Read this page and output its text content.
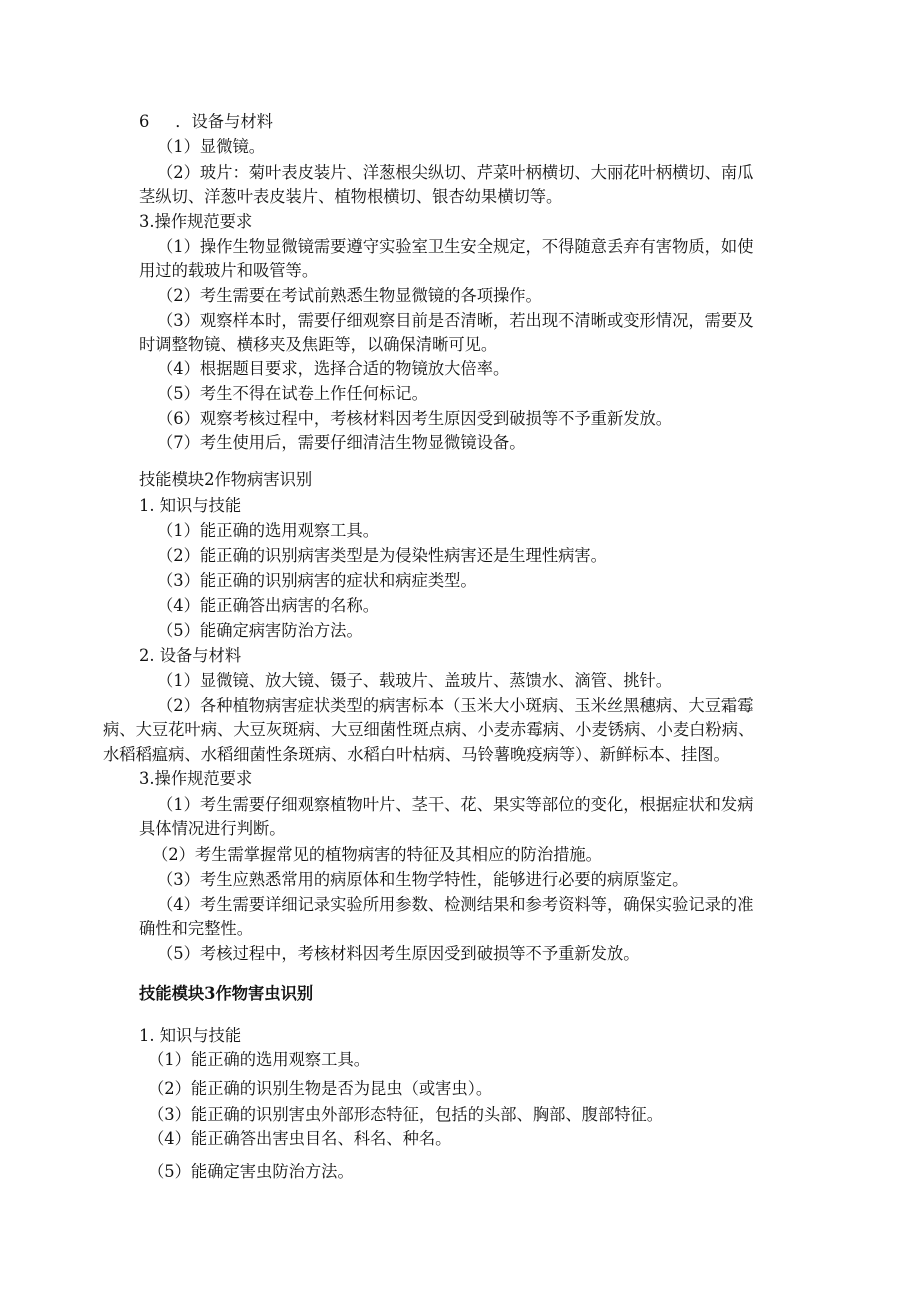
6     ．设备与材料
（1）显微镜。
（2）玻片：菊叶表皮装片、洋葱根尖纵切、芹菜叶柄横切、大丽花叶柄横切、南瓜
茎纵切、洋葱叶表皮装片、植物根横切、银杏幼果横切等。
3.操作规范要求
（1）操作生物显微镜需要遵守实验室卫生安全规定，不得随意丢弃有害物质，如使
用过的载玻片和吸管等。
（2）考生需要在考试前熟悉生物显微镜的各项操作。
（3）观察样本时，需要仔细观察目前是否清晰，若出现不清晰或变形情况，需要及
时调整物镜、横移夹及焦距等，以确保清晰可见。
（4）根据题目要求，选择合适的物镜放大倍率。
（5）考生不得在试卷上作任何标记。
（6）观察考核过程中，考核材料因考生原因受到破损等不予重新发放。
（7）考生使用后，需要仔细清洁生物显微镜设备。
技能模块2作物病害识别
1. 知识与技能
（1）能正确的选用观察工具。
（2）能正确的识别病害类型是为侵染性病害还是生理性病害。
（3）能正确的识别病害的症状和病症类型。
（4）能正确答出病害的名称。
（5）能确定病害防治方法。
2. 设备与材料
（1）显微镜、放大镜、镊子、载玻片、盖玻片、蒸馈水、滴管、挑针。
（2）各种植物病害症状类型的病害标本（玉米大小斑病、玉米丝黑穗病、大豆霜霉
病、大豆花叶病、大豆灰斑病、大豆细菌性斑点病、小麦赤霉病、小麦锈病、小麦白粉病、
水稻稻瘟病、水稻细菌性条斑病、水稻白叶枯病、马铃薯晚疫病等）、新鲜标本、挂图。
3.操作规范要求
（1）考生需要仔细观察植物叶片、茎干、花、果实等部位的变化，根据症状和发病
具体情况进行判断。
（2）考生需掌握常见的植物病害的特征及其相应的防治措施。
（3）考生应熟悉常用的病原体和生物学特性，能够进行必要的病原鉴定。
（4）考生需要详细记录实验所用参数、检测结果和参考资料等，确保实验记录的准
确性和完整性。
（5）考核过程中，考核材料因考生原因受到破损等不予重新发放。
技能模块3作物害虫识别
1. 知识与技能
（1）能正确的选用观察工具。
（2）能正确的识别生物是否为昆虫（或害虫）。
（3）能正确的识别害虫外部形态特征，包括的头部、胸部、腹部特征。
（4）能正确答出害虫目名、科名、种名。
（5）能确定害虫防治方法。
